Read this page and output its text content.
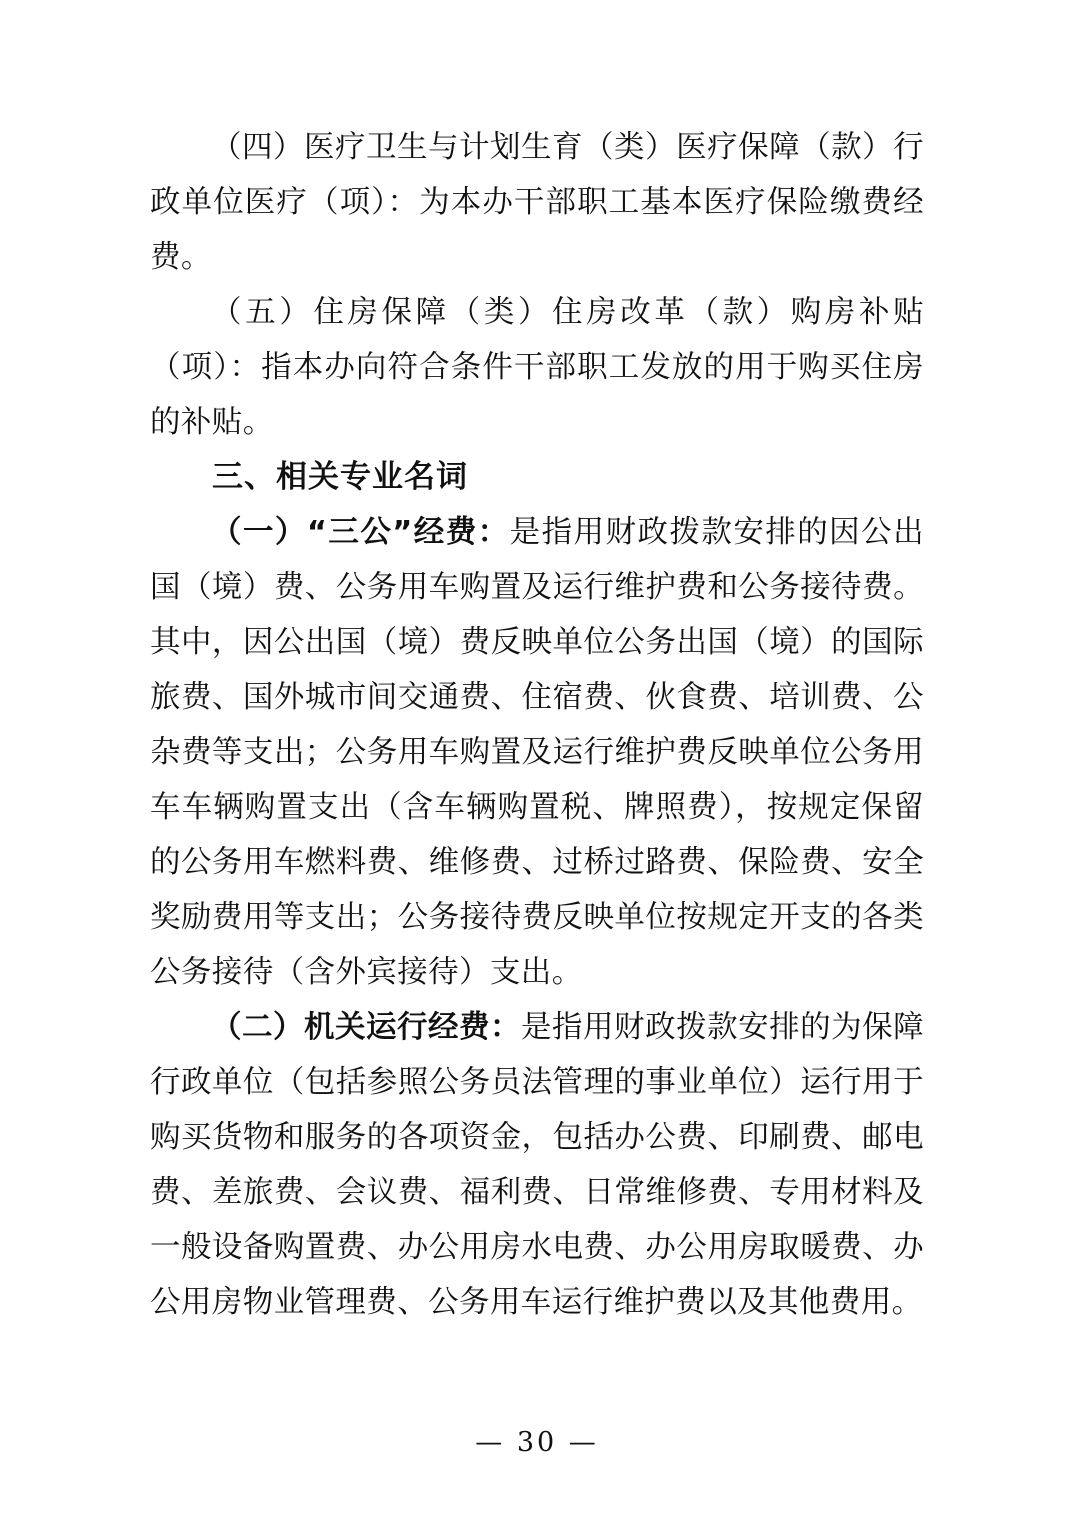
（四）医疗卫生与计划生育（类）医疗保障（款）行政单位医疗（项）：为本办干部职工基本医疗保险缴费经费。

（五）住房保障（类）住房改革（款）购房补贴（项）：指本办向符合条件干部职工发放的用于购买住房的补贴。

三、相关专业名词

（一）“三公”经费：是指用财政拨款安排的因公出国（境）费、公务用车购置及运行维护费和公务接待费。其中，因公出国（境）费反映单位公务出国（境）的国际旅费、国外城市间交通费、住宿费、伙食费、培训费、公杂费等支出；公务用车购置及运行维护费反映单位公务用车车辆购置支出（含车辆购置税、牌照费），按规定保留的公务用车燃料费、维修费、过桥过路费、保险费、安全奖励费用等支出；公务接待费反映单位按规定开支的各类公务接待（含外宾接待）支出。

（二）机关运行经费：是指用财政拨款安排的为保障行政单位（包括参照公务员法管理的事业单位）运行用于购买货物和服务的各项资金，包括办公费、印刷费、邮电费、差旅费、会议费、福利费、日常维修费、专用材料及一般设备购置费、办公用房水电费、办公用房取暖费、办公用房物业管理费、公务用车运行维护费以及其他费用。

— 30 —
